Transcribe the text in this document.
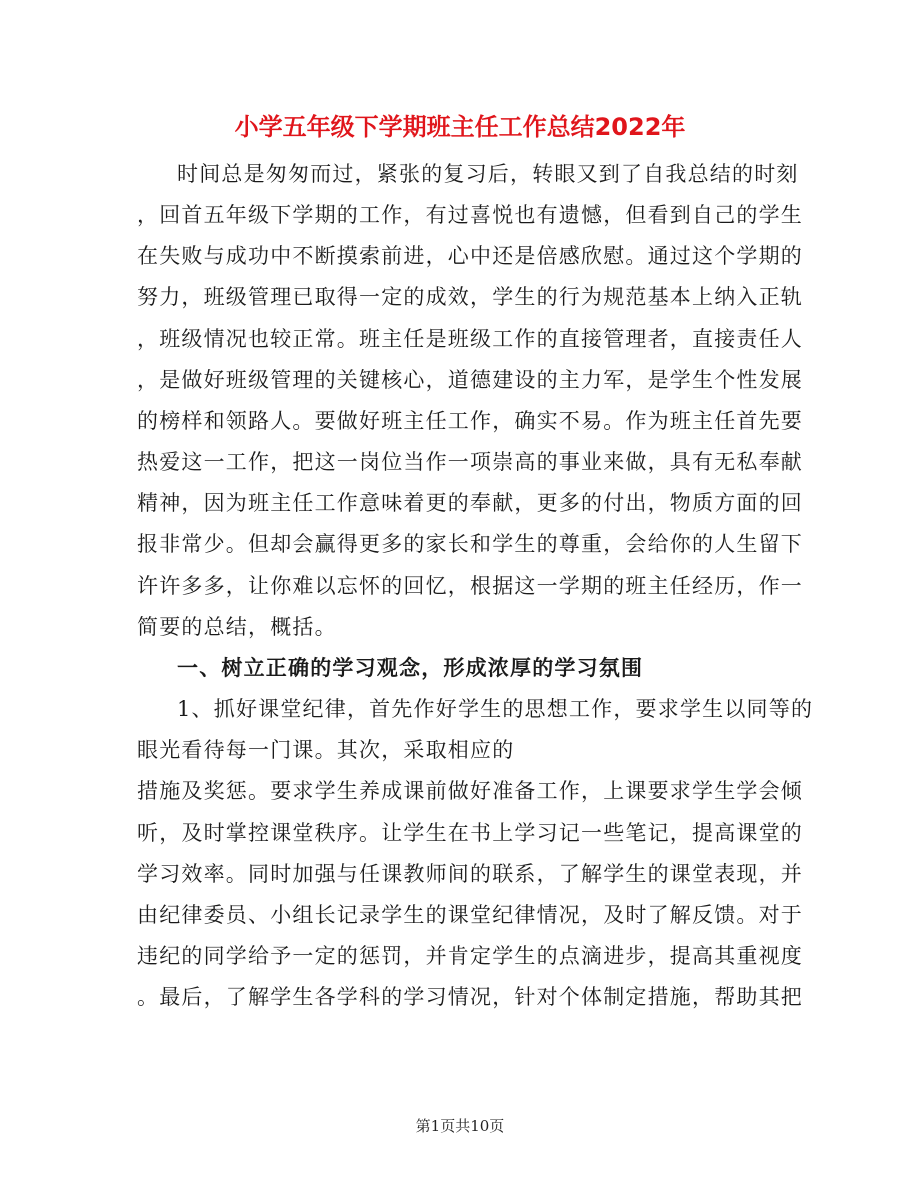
小学五年级下学期班主任工作总结2022年
时间总是匆匆而过，紧张的复习后，转眼又到了自我总结的时刻
，回首五年级下学期的工作，有过喜悦也有遗憾，但看到自己的学生
在失败与成功中不断摸索前进，心中还是倍感欣慰。通过这个学期的
努力，班级管理已取得一定的成效，学生的行为规范基本上纳入正轨
，班级情况也较正常。班主任是班级工作的直接管理者，直接责任人
，是做好班级管理的关键核心，道德建设的主力军，是学生个性发展
的榜样和领路人。要做好班主任工作，确实不易。作为班主任首先要
热爱这一工作，把这一岗位当作一项崇高的事业来做，具有无私奉献
精神，因为班主任工作意味着更的奉献，更多的付出，物质方面的回
报非常少。但却会赢得更多的家长和学生的尊重，会给你的人生留下
许许多多，让你难以忘怀的回忆，根据这一学期的班主任经历，作一
简要的总结，概括。
一、树立正确的学习观念，形成浓厚的学习氛围
1、抓好课堂纪律，首先作好学生的思想工作，要求学生以同等的
眼光看待每一门课。其次，采取相应的
措施及奖惩。要求学生养成课前做好准备工作，上课要求学生学会倾
听，及时掌控课堂秩序。让学生在书上学习记一些笔记，提高课堂的
学习效率。同时加强与任课教师间的联系，了解学生的课堂表现，并
由纪律委员、小组长记录学生的课堂纪律情况，及时了解反馈。对于
违纪的同学给予一定的惩罚，并肯定学生的点滴进步，提高其重视度
。最后，了解学生各学科的学习情况，针对个体制定措施，帮助其把
第1页共10页
